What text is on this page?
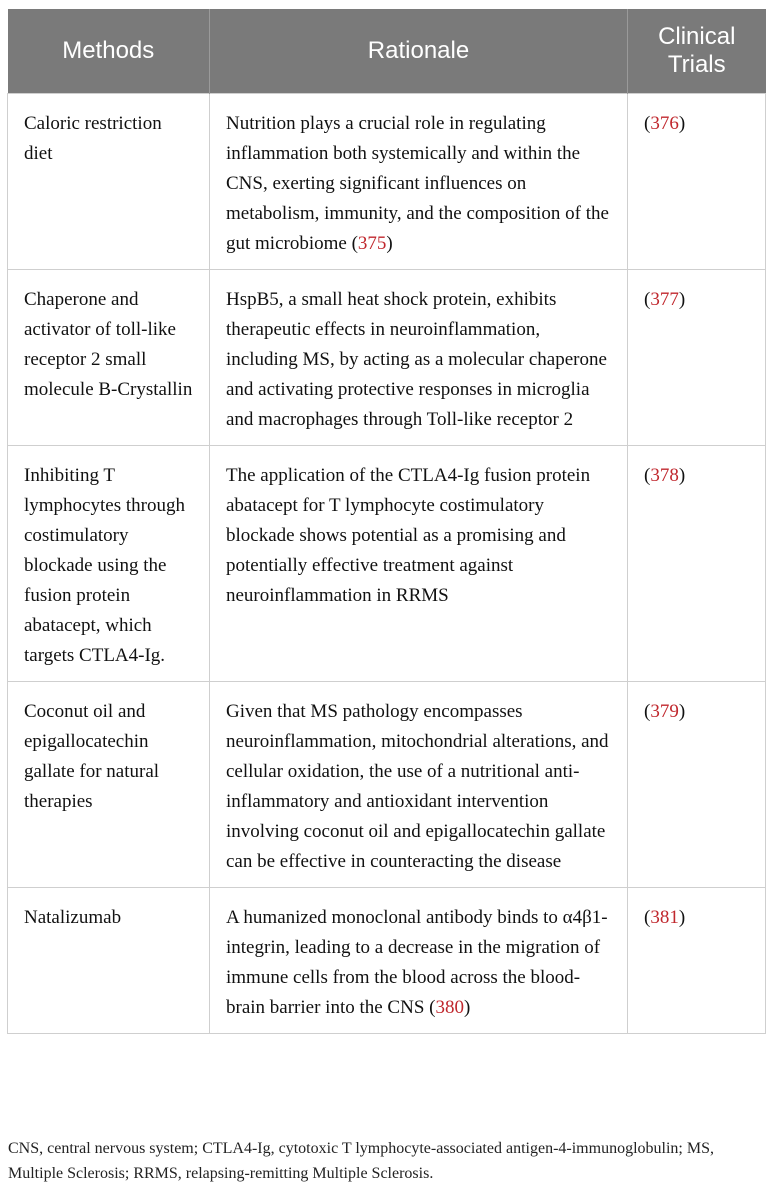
Methods	Rationale	Clinical Trials
Caloric restriction diet	Nutrition plays a crucial role in regulating inflammation both systemically and within the CNS, exerting significant influences on metabolism, immunity, and the composition of the gut microbiome (375)	(376)
Chaperone and activator of toll-like receptor 2 small molecule B-Crystallin	HspB5, a small heat shock protein, exhibits therapeutic effects in neuroinflammation, including MS, by acting as a molecular chaperone and activating protective responses in microglia and macrophages through Toll-like receptor 2	(377)
Inhibiting T lymphocytes through costimulatory blockade using the fusion protein abatacept, which targets CTLA4-Ig.	The application of the CTLA4-Ig fusion protein abatacept for T lymphocyte costimulatory blockade shows potential as a promising and potentially effective treatment against neuroinflammation in RRMS	(378)
Coconut oil and epigallocatechin gallate for natural therapies	Given that MS pathology encompasses neuroinflammation, mitochondrial alterations, and cellular oxidation, the use of a nutritional anti-inflammatory and antioxidant intervention involving coconut oil and epigallocatechin gallate can be effective in counteracting the disease	(379)
Natalizumab	A humanized monoclonal antibody binds to α4β1-integrin, leading to a decrease in the migration of immune cells from the blood across the blood-brain barrier into the CNS (380)	(381)
CNS, central nervous system; CTLA4-Ig, cytotoxic T lymphocyte-associated antigen-4-immunoglobulin; MS, Multiple Sclerosis; RRMS, relapsing-remitting Multiple Sclerosis.
